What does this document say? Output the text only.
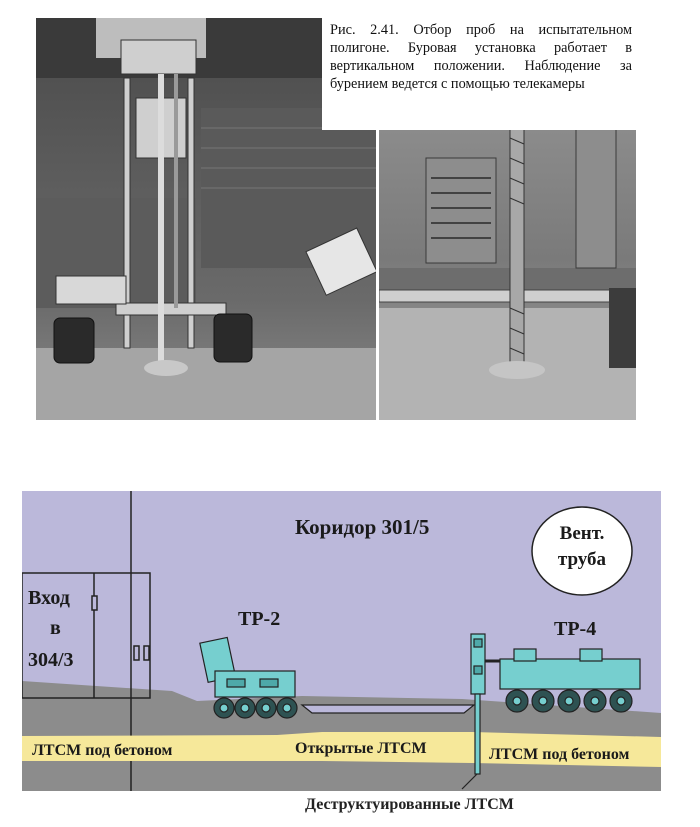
Рис. 2.41. Отбор проб на испытательном полигоне. Буровая установка работает в вертикальном положении. Наблюдение за бурением ведется с помощью телекамеры
Вент.
труба
Коридор 301/5
Вход
в
304/3
ТР-2	ТР-4
ЛТСМ под бетоном	Открытые ЛТСМ	ЛТСМ под бетоном
Деструктуированные ЛТСМ
